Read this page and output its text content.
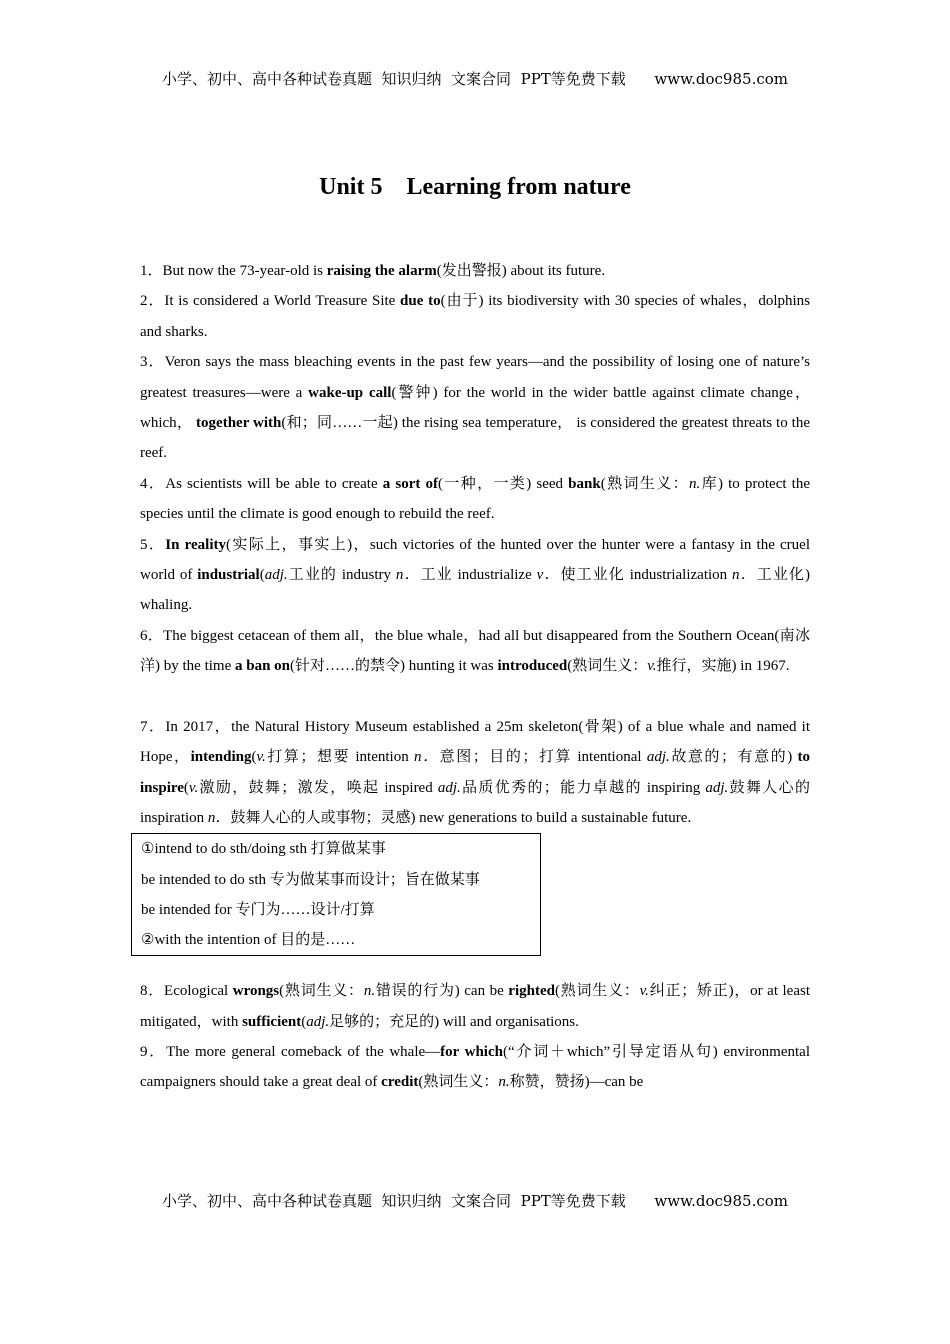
小学、初中、高中各种试卷真题  知识归纳  文案合同  PPT等免费下载      www.doc985.com
Unit 5    Learning from nature

1．But now the 73-year-old is raising the alarm(发出警报) about its future.

2．It is considered a World Treasure Site due to(由于) its biodiversity with 30 species of whales，dolphins and sharks.

3．Veron says the mass bleaching events in the past few years—and the possibility of losing one of nature’s greatest treasures—were a wake-up call(警钟) for the world in the wider battle against climate change， which， together with(和；同……一起) the rising sea temperature， is considered the greatest threats to the reef.

4．As scientists will be able to create a sort of(一种，一类) seed bank(熟词生义：n.库) to protect the species until the climate is good enough to rebuild the reef.

5．In reality(实际上，事实上)，such victories of the hunted over the hunter were a fantasy in the cruel world of industrial(adj.工业的 industry n．工业 industrialize v．使工业化 industrialization n．工业化) whaling.

6．The biggest cetacean of them all，the blue whale，had all but disappeared from the Southern Ocean(南冰洋) by the time a ban on(针对……的禁令) hunting it was introduced(熟词生义：v.推行，实施) in 1967.

7．In 2017，the Natural History Museum established a 25m skeleton(骨架) of a blue whale and named it Hope，intending(v.打算；想要 intention n．意图；目的；打算 intentional adj.故意的；有意的) to inspire(v.激励，鼓舞；激发，唤起 inspired adj.品质优秀的；能力卓越的 inspiring adj.鼓舞人心的 inspiration n．鼓舞人心的人或事物；灵感) new generations to build a sustainable future.

①intend to do sth/doing sth 打算做某事
be intended to do sth 专为做某事而设计；旨在做某事
be intended for 专门为……设计/打算
②with the intention of 目的是……

8．Ecological wrongs(熟词生义：n.错误的行为) can be righted(熟词生义：v.纠正；矫正)，or at least mitigated，with sufficient(adj.足够的；充足的) will and organisations.

9．The more general comeback of the whale—for which(“介词＋which”引导定语从句) environmental campaigners should take a great deal of credit(熟词生义：n.称赞，赞扬)—can be

小学、初中、高中各种试卷真题  知识归纳  文案合同  PPT等免费下载      www.doc985.com
